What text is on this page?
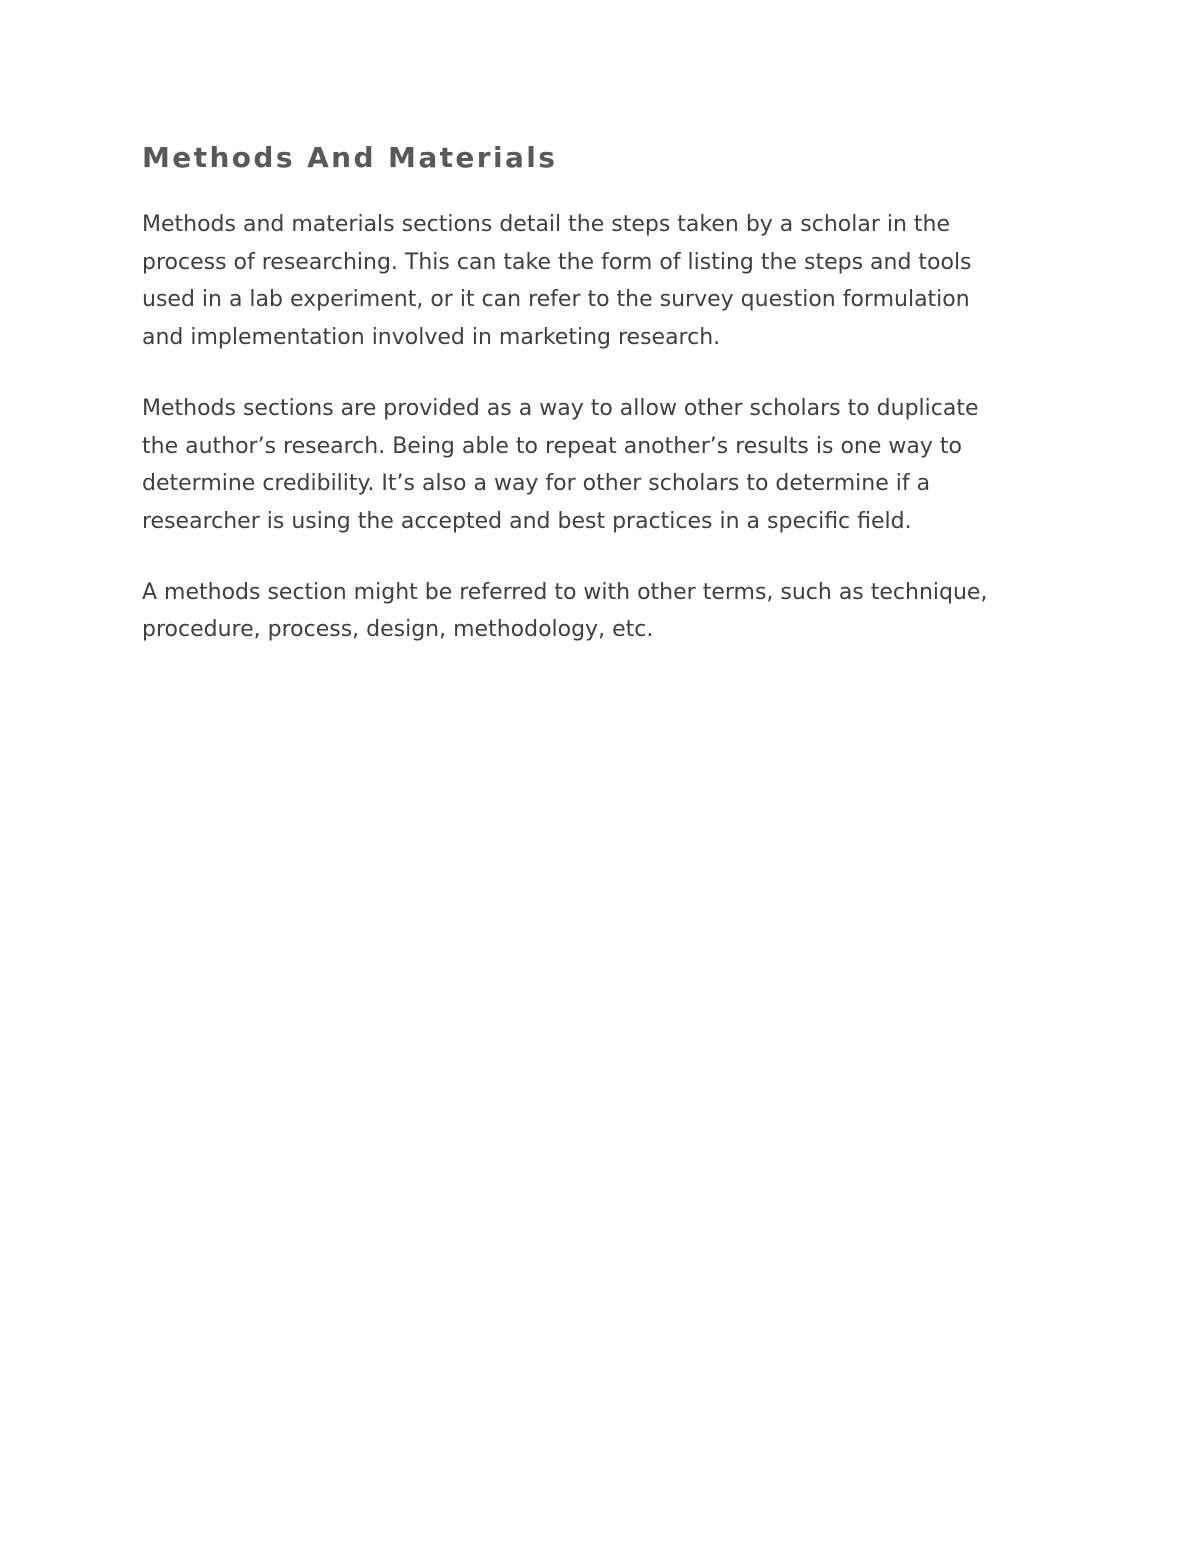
Methods And Materials

Methods and materials sections detail the steps taken by a scholar in the
process of researching. This can take the form of listing the steps and tools
used in a lab experiment, or it can refer to the survey question formulation
and implementation involved in marketing research.

Methods sections are provided as a way to allow other scholars to duplicate
the author’s research. Being able to repeat another’s results is one way to
determine credibility. It’s also a way for other scholars to determine if a
researcher is using the accepted and best practices in a specific field.

A methods section might be referred to with other terms, such as technique,
procedure, process, design, methodology, etc.
